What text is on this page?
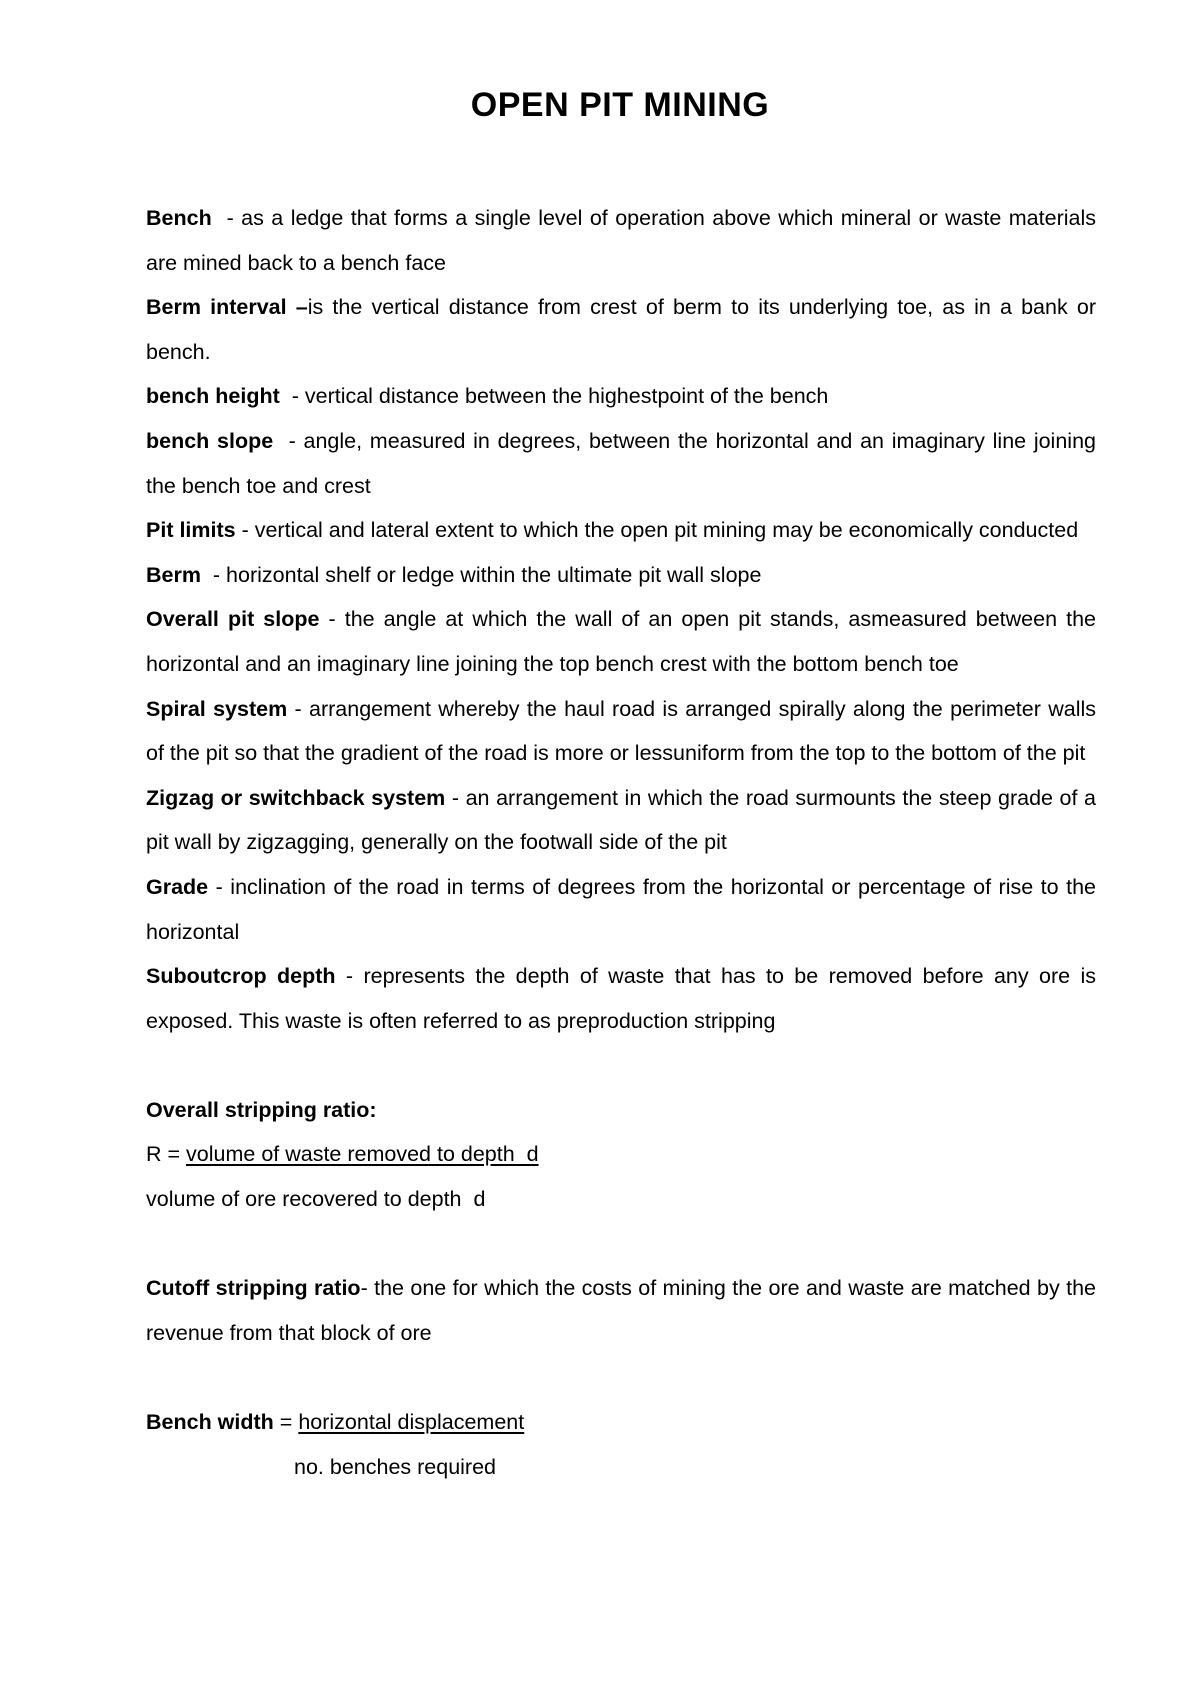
OPEN PIT MINING

Bench  - as a ledge that forms a single level of operation above which mineral or waste materials are mined back to a bench face

Berm interval –is the vertical distance from crest of berm to its underlying toe, as in a bank or bench.

bench height  - vertical distance between the highestpoint of the bench

bench slope  - angle, measured in degrees, between the horizontal and an imaginary line joining the bench toe and crest

Pit limits - vertical and lateral extent to which the open pit mining may be economically conducted

Berm  - horizontal shelf or ledge within the ultimate pit wall slope

Overall pit slope - the angle at which the wall of an open pit stands, asmeasured between the horizontal and an imaginary line joining the top bench crest with the bottom bench toe

Spiral system - arrangement whereby the haul road is arranged spirally along the perimeter walls of the pit so that the gradient of the road is more or lessuniform from the top to the bottom of the pit

Zigzag or switchback system - an arrangement in which the road surmounts the steep grade of a pit wall by zigzagging, generally on the footwall side of the pit

Grade - inclination of the road in terms of degrees from the horizontal or percentage of rise to the horizontal

Suboutcrop depth - represents the depth of waste that has to be removed before any ore is exposed. This waste is often referred to as preproduction stripping

Overall stripping ratio:

R = volume of waste removed to depth  d

volume of ore recovered to depth  d

Cutoff stripping ratio- the one for which the costs of mining the ore and waste are matched by the revenue from that block of ore

Bench width = horizontal displacement

no. benches required
